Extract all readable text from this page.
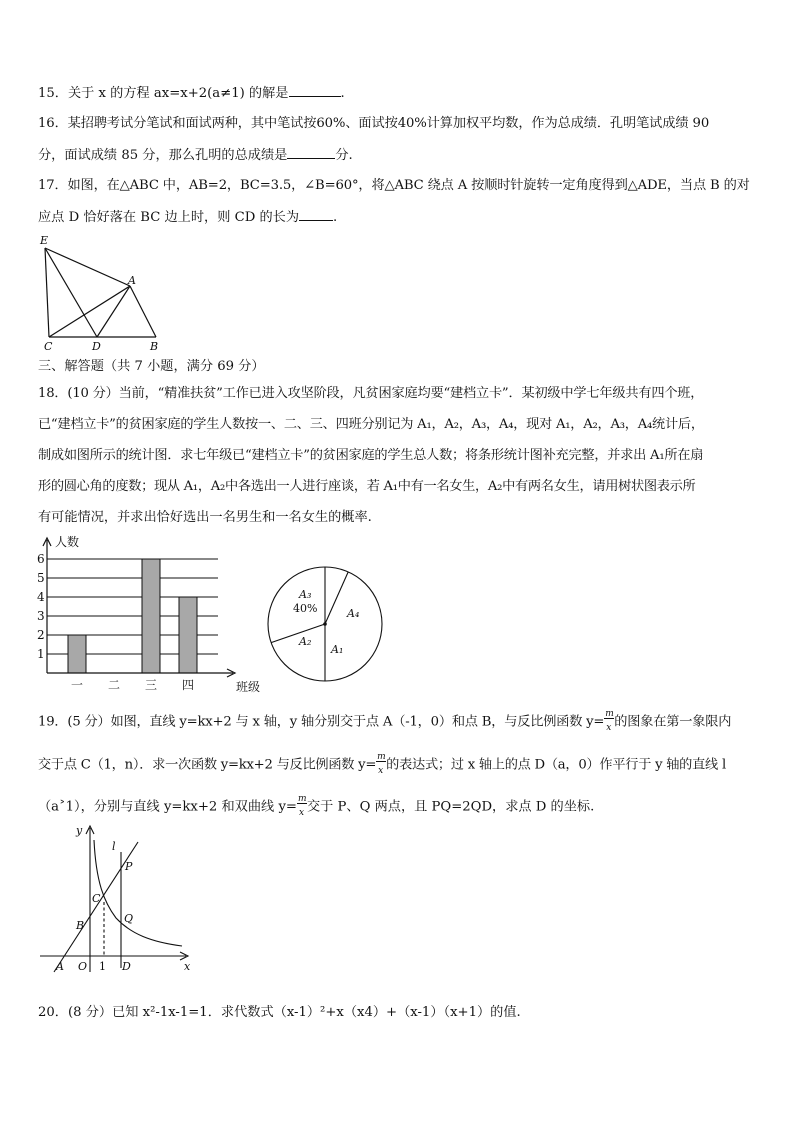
15．关于 x 的方程 ax=x+2(a≠1) 的解是	.
16．某招聘考试分笔试和面试两种，其中笔试按60%、面试按40%计算加权平均数，作为总成绩．孔明笔试成绩 90
分，面试成绩 85 分，那么孔明的总成绩是	分.
17．如图，在△ABC 中，AB=2，BC=3.5，∠B=60°，将△ABC 绕点 A 按顺时针旋转一定角度得到△ADE，当点 B 的对
应点 D 恰好落在 BC 边上时，则 CD 的长为	.
E
A
C	D	B
三、解答题（共 7 小题，满分 69 分）
18．(10 分）当前，“精准扶贫”工作已进入攻坚阶段，凡贫困家庭均要“建档立卡”．某初级中学七年级共有四个班，
已“建档立卡”的贫困家庭的学生人数按一、二、三、四班分别记为 A₁，A₂，A₃，A₄，现对 A₁，A₂，A₃，A₄统计后，
制成如图所示的统计图．求七年级已“建档立卡”的贫困家庭的学生总人数；将条形统计图补充完整，并求出 A₁所在扇
形的圆心角的度数；现从 A₁，A₂中各选出一人进行座谈，若 A₁中有一名女生，A₂中有两名女生，请用树状图表示所
有可能情况，并求出恰好选出一名男生和一名女生的概率.
1
2
3
4
5
6
一 二 三 四
人数
班级
A₃
40%	A₄
A₁
A₂
19．(5 分）如图，直线 y=kx+2 与 x 轴，y 轴分别交于点 A（-1，0）和点 B，与反比例函数 $y= \frac{m}{x}$ 的图象在第一象限内
交于点 C（1，n）．求一次函数 y=kx+2 与反比例函数 $y= \frac{m}{x}$ 的表达式；过 x 轴上的点 D（a，0）作平行于 y 轴的直线 l
（a˃1），分别与直线 y=kx+2 和双曲线 $y= \frac{m}{x}$ 交于 P、Q 两点，且 PQ=2QD，求点 D 的坐标.
y
x
l
P
C
Q
B
A O 1 D
20．(8 分）已知 x²-1x-1=1．求代数式（x-1）²+x（x4）+（x-1）（x+1）的值.
